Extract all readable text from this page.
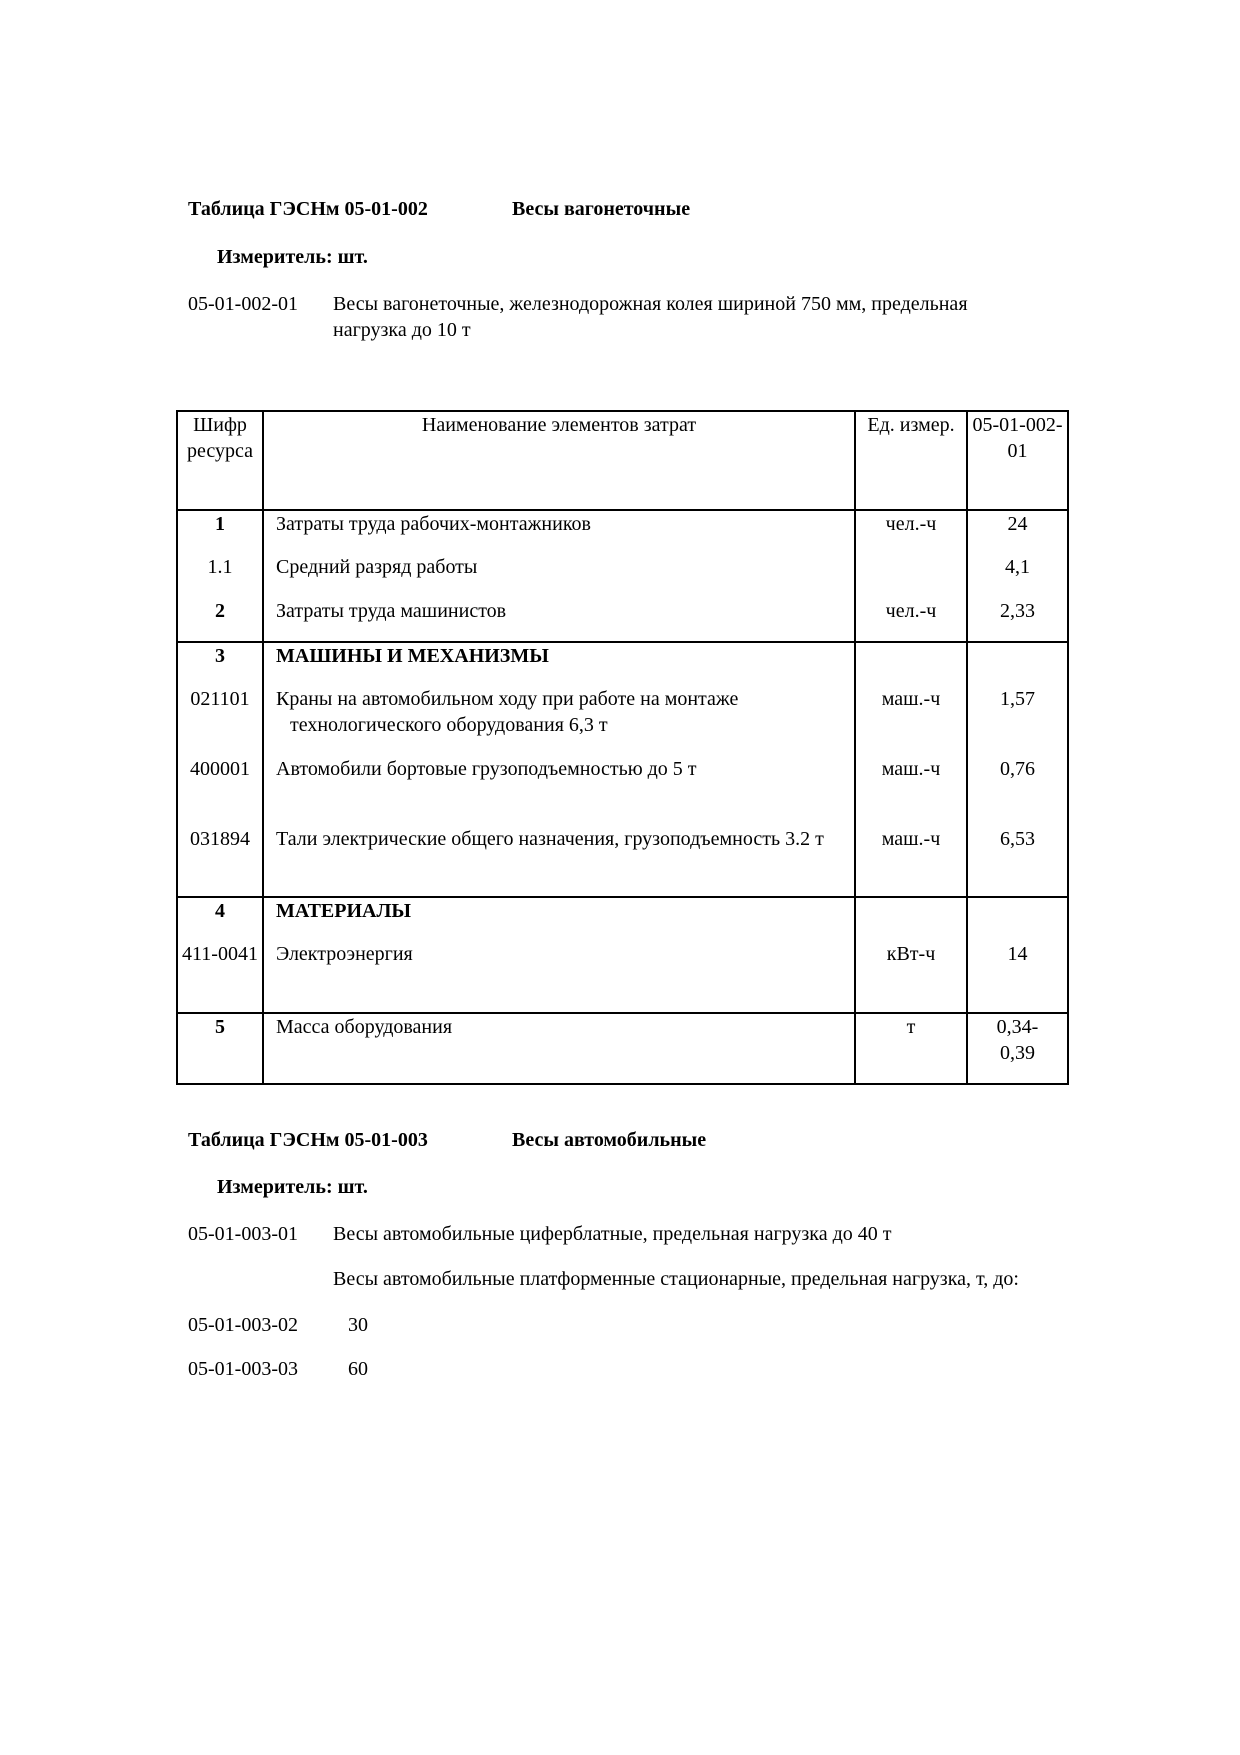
Таблица ГЭСНм 05-01-002	Весы вагонеточные
Измеритель: шт.
05-01-002-01 Весы вагонеточные, железнодорожная колея шириной 750 мм, предельная нагрузка до 10 т
Шифр ресурса	Наименование элементов затрат	Ед. измер.	05-01-002-01
1	Затраты труда рабочих-монтажников	чел.-ч	24
1.1	Средний разряд работы		4,1
2	Затраты труда машинистов	чел.-ч	2,33
3	МАШИНЫ И МЕХАНИЗМЫ		
021101	Краны на автомобильном ходу при работе на монтаже технологического оборудования 6,3 т	маш.-ч	1,57
400001	Автомобили бортовые грузоподъемностью до 5 т	маш.-ч	0,76
031894	Тали электрические общего назначения, грузоподъемность 3.2 т	маш.-ч	6,53
4	МАТЕРИАЛЫ		
411-0041	Электроэнергия	кВт-ч	14
5	Масса оборудования	т	0,34-0,39
Таблица ГЭСНм 05-01-003	Весы автомобильные
Измеритель: шт.
05-01-003-01 Весы автомобильные циферблатные, предельная нагрузка до 40 т
Весы автомобильные платформенные стационарные, предельная нагрузка, т, до:
05-01-003-02	30
05-01-003-03	60
